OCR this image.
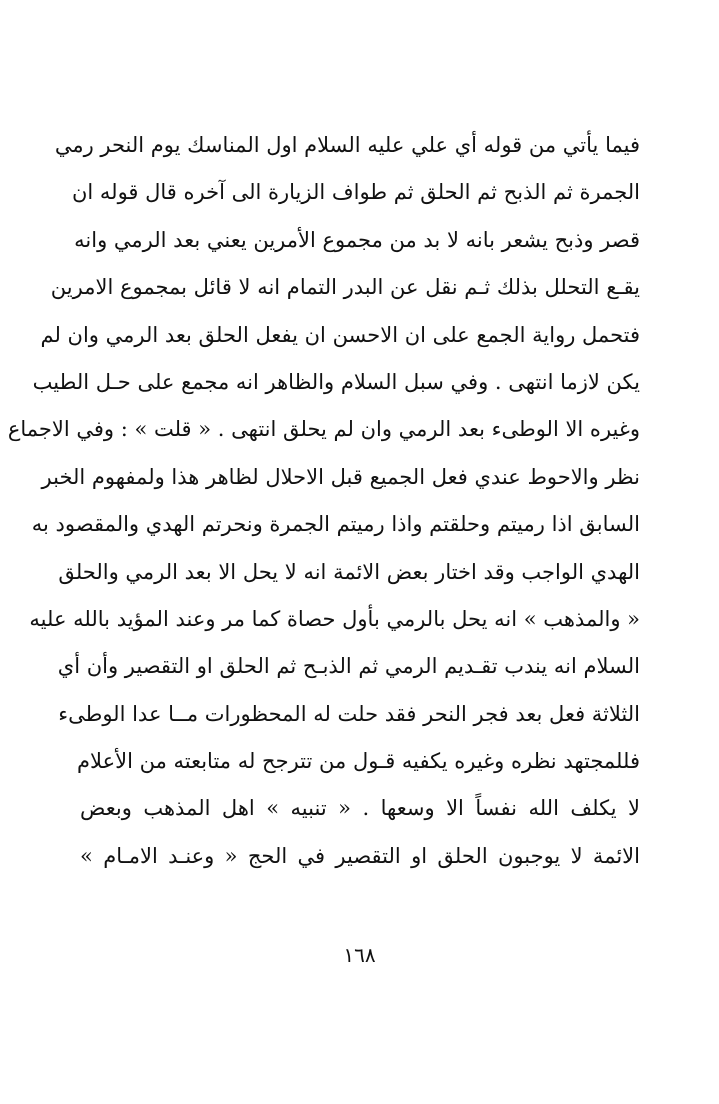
فيما يأتي من قوله أي علي عليه السلام اول المناسك يوم النحر رمي
الجمرة ثم الذبح ثم الحلق ثم طواف الزيارة الى آخره قال قوله ان
قصر وذبح يشعر بانه لا بد من مجموع الأمرين يعني بعد الرمي وانه
يقـع التحلل بذلك ثـم نقل عن البدر التمام انه لا قائل بمجموع الامرين
فتحمل رواية الجمع على ان الاحسن ان يفعل الحلق بعد الرمي وان لم
يكن لازما انتهى . وفي سبل السلام والظاهر انه مجمع على حـل الطيب
وغيره الا الوطىء بعد الرمي وان لم يحلق انتهى . « قلت » : وفي الاجماع
نظر والاحوط عندي فعل الجميع قبل الاحلال لظاهر هذا ولمفهوم الخبر
السابق اذا رميتم وحلقتم واذا رميتم الجمرة ونحرتم الهدي والمقصود به
الهدي الواجب وقد اختار بعض الائمة انه لا يحل الا بعد الرمي والحلق
« والمذهب » انه يحل بالرمي بأول حصاة كما مر وعند المؤيد بالله عليه
السلام انه يندب تقـديم الرمي ثم الذبـح ثم الحلق او التقصير وأن أي
الثلاثة فعل بعد فجر النحر فقد حلت له المحظورات مــا عدا الوطىء
فللمجتهد نظره وغيره يكفيه قـول من تترجح له متابعته من الأعلام
لا يكلف الله نفساً الا وسعها . « تنبيه » اهل المذهب وبعض
الائمة لا يوجبون الحلق او التقصير في الحج « وعنـد الامـام »
١٦٨
